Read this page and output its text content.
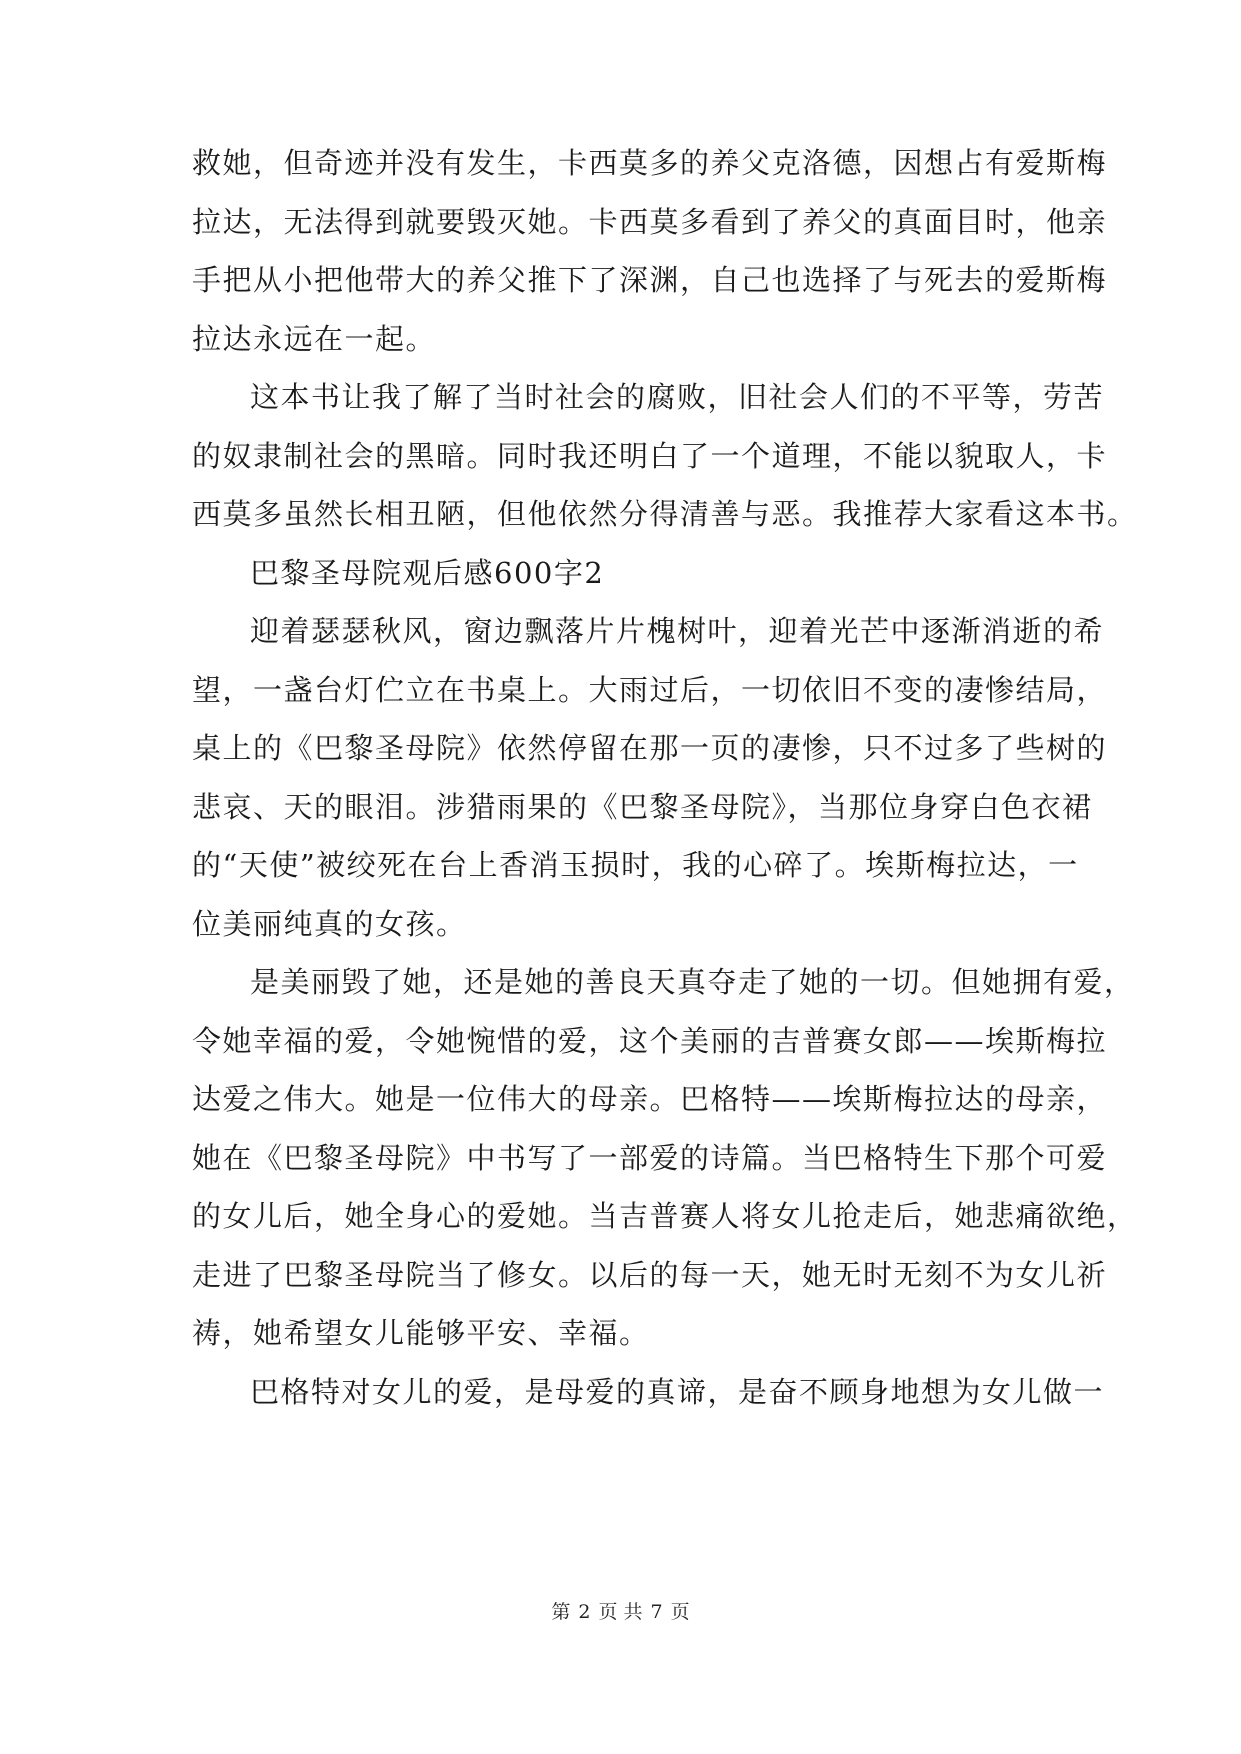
救她，但奇迹并没有发生，卡西莫多的养父克洛德，因想占有爱斯梅
拉达，无法得到就要毁灭她。卡西莫多看到了养父的真面目时，他亲
手把从小把他带大的养父推下了深渊，自己也选择了与死去的爱斯梅
拉达永远在一起。
这本书让我了解了当时社会的腐败，旧社会人们的不平等，劳苦
的奴隶制社会的黑暗。同时我还明白了一个道理，不能以貌取人，卡
西莫多虽然长相丑陋，但他依然分得清善与恶。我推荐大家看这本书。
巴黎圣母院观后感600字2
迎着瑟瑟秋风，窗边飘落片片槐树叶，迎着光芒中逐渐消逝的希
望，一盏台灯伫立在书桌上。大雨过后，一切依旧不变的凄惨结局，
桌上的《巴黎圣母院》依然停留在那一页的凄惨，只不过多了些树的
悲哀、天的眼泪。涉猎雨果的《巴黎圣母院》，当那位身穿白色衣裙
的“天使”被绞死在台上香消玉损时，我的心碎了。埃斯梅拉达，一
位美丽纯真的女孩。
是美丽毁了她，还是她的善良天真夺走了她的一切。但她拥有爱，
令她幸福的爱，令她惋惜的爱，这个美丽的吉普赛女郎——埃斯梅拉
达爱之伟大。她是一位伟大的母亲。巴格特——埃斯梅拉达的母亲，
她在《巴黎圣母院》中书写了一部爱的诗篇。当巴格特生下那个可爱
的女儿后，她全身心的爱她。当吉普赛人将女儿抢走后，她悲痛欲绝，
走进了巴黎圣母院当了修女。以后的每一天，她无时无刻不为女儿祈
祷，她希望女儿能够平安、幸福。
巴格特对女儿的爱，是母爱的真谛，是奋不顾身地想为女儿做一
第 2 页 共 7 页
